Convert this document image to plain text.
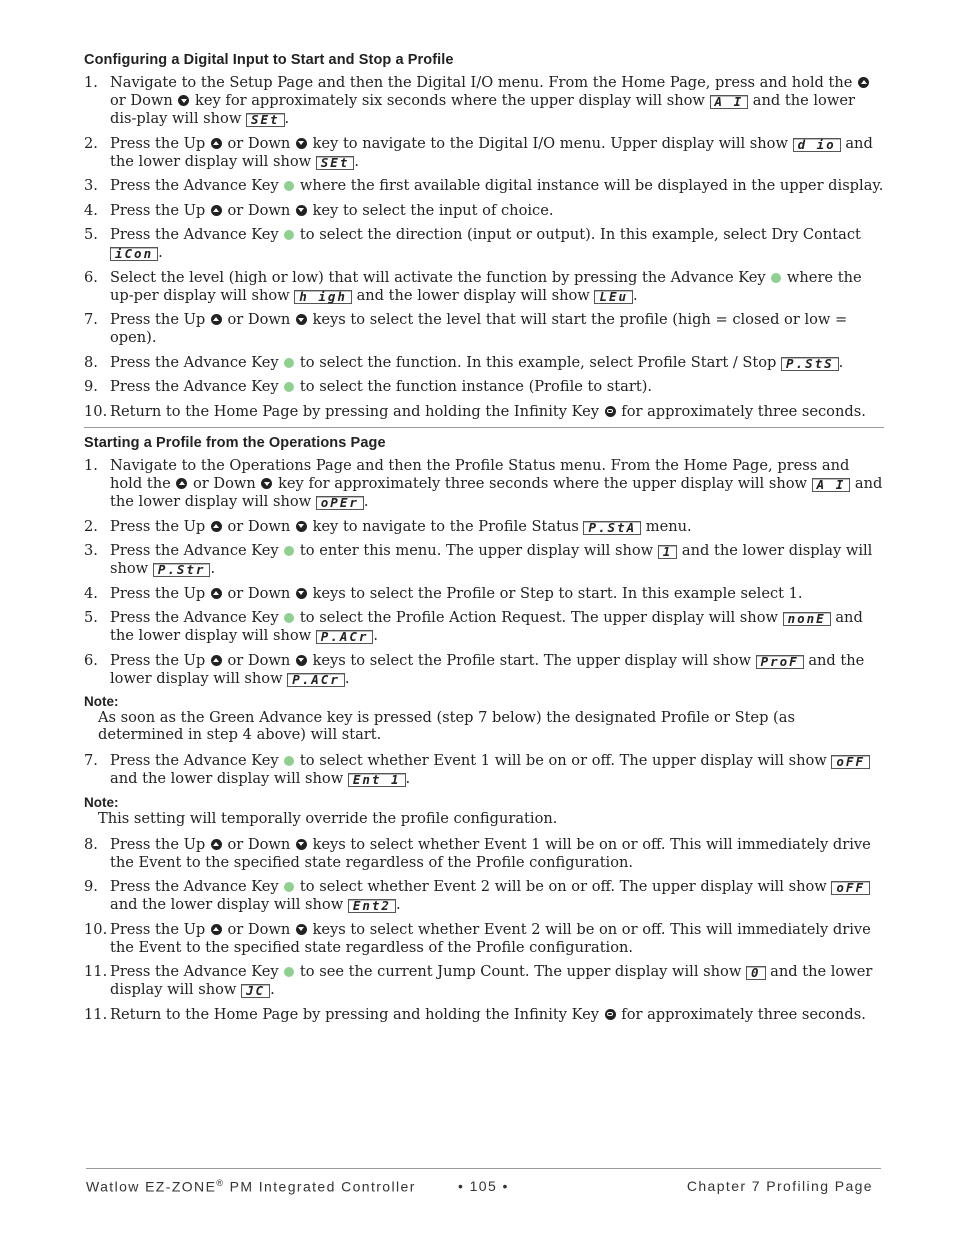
Configuring a Digital Input to Start and Stop a Profile
1. Navigate to the Setup Page and then the Digital I/O menu. From the Home Page, press and hold the  or Down  key for approximately six seconds where the upper display will show A I and the lower dis-play will show SEt .
2. Press the Up  or Down  key to navigate to the Digital I/O menu. Upper display will show d io and the lower display will show SEt .
3. Press the Advance Key  where the first available digital instance will be displayed in the upper display.
4. Press the Up  or Down  key to select the input of choice.
5. Press the Advance Key  to select the direction (input or output). In this example, select Dry Contact iCon .
6. Select the level (high or low) that will activate the function by pressing the Advance Key  where the up-per display will show h igh and the lower display will show LEu .
7. Press the Up  or Down  keys to select the level that will start the profile (high = closed or low = open).
8. Press the Advance Key  to select the function. In this example, select Profile Start / Stop P.StS .
9. Press the Advance Key  to select the function instance (Profile to start).
10. Return to the Home Page by pressing and holding the Infinity Key  for approximately three seconds.
Starting a Profile from the Operations Page
1. Navigate to the Operations Page and then the Profile Status menu. From the Home Page, press and hold the  or Down  key for approximately three seconds where the upper display will show A I and the lower display will show oPEr .
2. Press the Up  or Down  key to navigate to the Profile Status P.StA menu.
3. Press the Advance Key  to enter this menu. The upper display will show 1 and the lower display will show P.Str .
4. Press the Up  or Down  keys to select the Profile or Step to start. In this example select 1.
5. Press the Advance Key  to select the Profile Action Request. The upper display will show nonE and the lower display will show P.ACr .
6. Press the Up  or Down  keys to select the Profile start. The upper display will show ProF and the lower display will show P.ACr .
Note:
As soon as the Green Advance key is pressed (step 7 below) the designated Profile or Step (as determined in step 4 above) will start.
7. Press the Advance Key  to select whether Event 1 will be on or off. The upper display will show oFF and the lower display will show Ent 1 .
Note:
This setting will temporally override the profile configuration.
8. Press the Up  or Down  keys to select whether Event 1 will be on or off. This will immediately drive the Event to the specified state regardless of the Profile configuration.
9. Press the Advance Key  to select whether Event 2 will be on or off. The upper display will show oFF and the lower display will show Ent2 .
10. Press the Up  or Down  keys to select whether Event 2 will be on or off. This will immediately drive the Event to the specified state regardless of the Profile configuration.
11. Press the Advance Key  to see the current Jump Count. The upper display will show 0 and the lower display will show JC .
11. Return to the Home Page by pressing and holding the Infinity Key  for approximately three seconds.
Watlow EZ-ZONE® PM Integrated Controller	• 105 •	Chapter 7 Profiling Page
